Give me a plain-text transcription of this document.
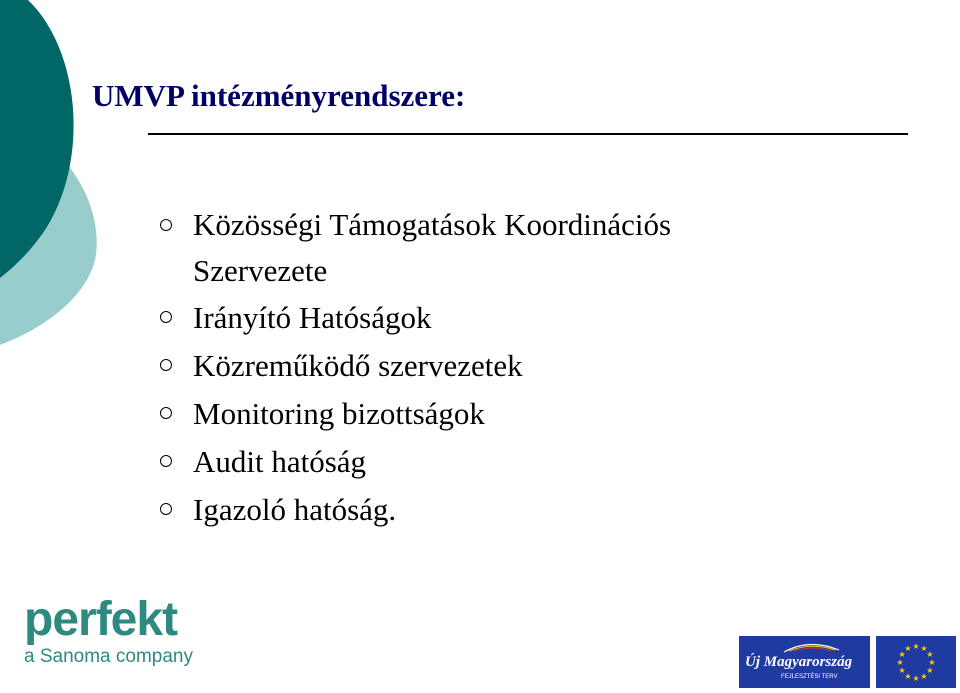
UMVP intézményrendszere:
Közösségi Támogatások Koordinációs Szervezete
Irányító Hatóságok
Közreműködő szervezetek
Monitoring bizottságok
Audit hatóság
Igazoló hatóság.
perfekt
a Sanoma company	Új Magyarország
FEJLESZTÉSI TERV
★
★
★
★
★
★
★
★
★ ★ ★
★
